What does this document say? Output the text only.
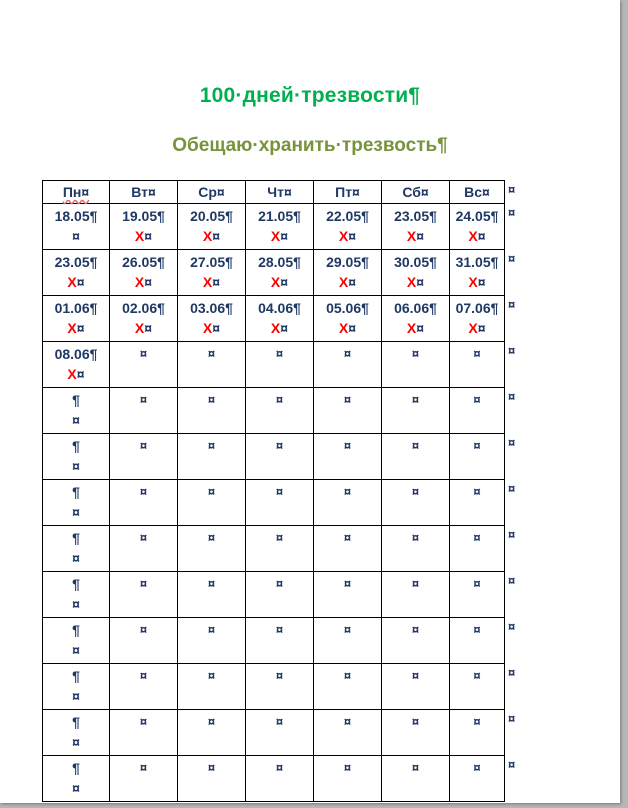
100·дней·трезвости¶
Обещаю·хранить·трезвость¶
Пн¤	Вт¤	Ср¤	Чт¤	Пт¤	Сб¤	Вс¤

18.05¶
¤	19.05¶
X¤	20.05¶
X¤	21.05¶
X¤	22.05¶
X¤	23.05¶
X¤	24.05¶
X¤

23.05¶
X¤	26.05¶
X¤	27.05¶
X¤	28.05¶
X¤	29.05¶
X¤	30.05¶
X¤	31.05¶
X¤

01.06¶
X¤	02.06¶
X¤	03.06¶
X¤	04.06¶
X¤	05.06¶
X¤	06.06¶
X¤	07.06¶
X¤

08.06¶
X¤	¤	¤	¤	¤	¤	¤

¶
¤	¤	¤	¤	¤	¤	¤

¶
¤	¤	¤	¤	¤	¤	¤

¶
¤	¤	¤	¤	¤	¤	¤

¶
¤	¤	¤	¤	¤	¤	¤

¶
¤	¤	¤	¤	¤	¤	¤

¶
¤	¤	¤	¤	¤	¤	¤

¶
¤	¤	¤	¤	¤	¤	¤

¶
¤	¤	¤	¤	¤	¤	¤

¶
¤	¤	¤	¤	¤	¤	¤
¤
¤
¤
¤
¤
¤
¤
¤
¤
¤
¤
¤
¤
¤
